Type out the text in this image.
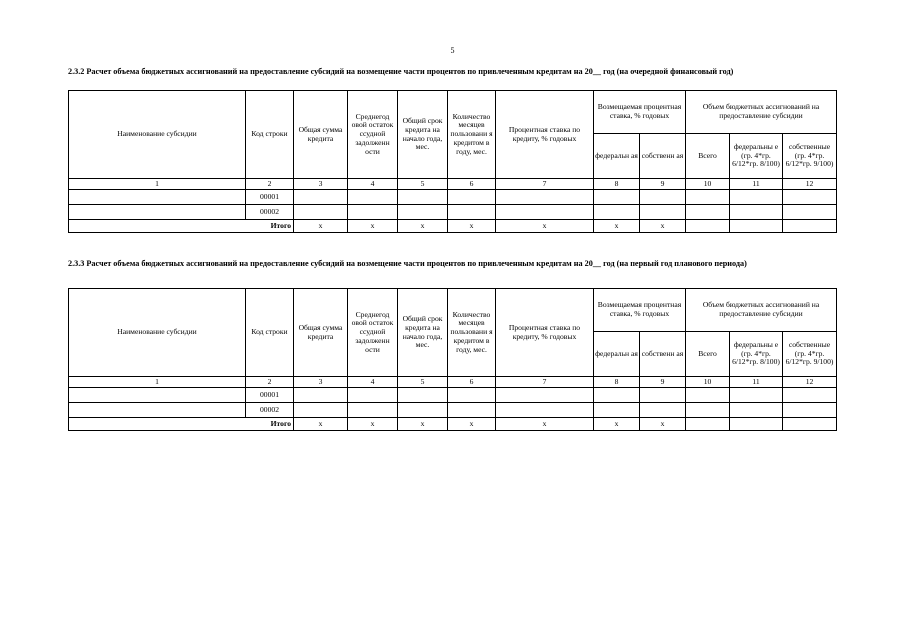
5
2.3.2 Расчет объема бюджетных ассигнований на предоставление субсидий на возмещение части процентов по привлеченным кредитам на 20__ год (на очередной финансовый год)
Наименование субсидии	Код строки	Общая сумма кредита	Среднегод овой остаток ссудной задолженн ости	Общий срок кредита на начало года, мес.	Количество месяцев пользовани я кредитом в году, мес.	Процентная ставка по кредиту, % годовых	Возмещаемая процентная ставка, % годовых		Объем бюджетных ассигнований на предоставление субсидии		
							федеральн ая	собственн ая	Всего	федеральны е (гр. 4*гр. 6/12*гр. 8/100)	собственные (гр. 4*гр. 6/12*гр. 9/100)
1	2	3	4	5	6	7	8	9	10	11	12
	00001										
	00002										
Итого		x	x	x	x	x	x	x			
2.3.3 Расчет объема бюджетных ассигнований на предоставление субсидий на возмещение части процентов по привлеченным кредитам на 20__ год (на первый год планового периода)
Наименование субсидии	Код строки	Общая сумма кредита	Среднегод овой остаток ссудной задолженн ости	Общий срок кредита на начало года, мес.	Количество месяцев пользовани я кредитом в году, мес.	Процентная ставка по кредиту, % годовых	Возмещаемая процентная ставка, % годовых		Объем бюджетных ассигнований на предоставление субсидии		
							федеральн ая	собственн ая	Всего	федеральны е (гр. 4*гр. 6/12*гр. 8/100)	собственные (гр. 4*гр. 6/12*гр. 9/100)
1	2	3	4	5	6	7	8	9	10	11	12
	00001										
	00002										
Итого		x	x	x	x	x	x	x			
